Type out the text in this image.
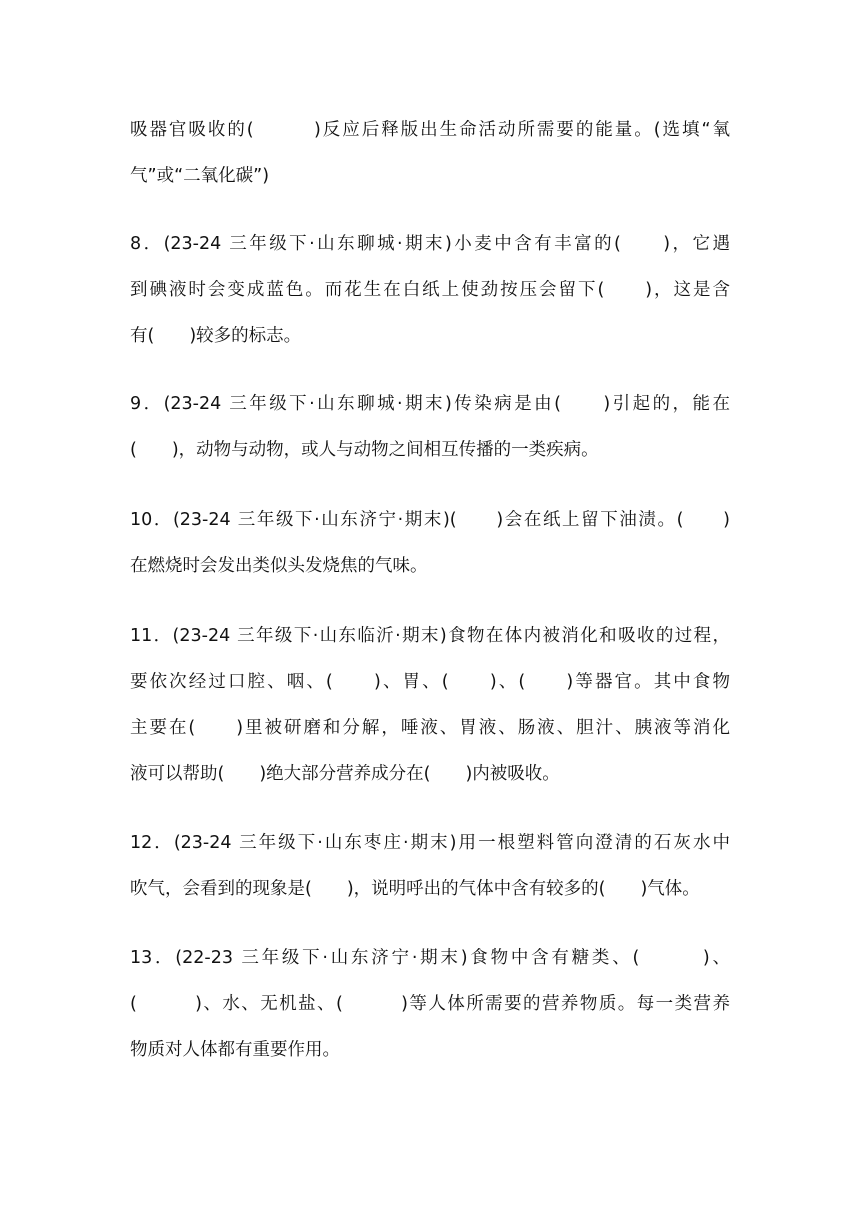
吸器官吸收的(　　　)反应后释版出生命活动所需要的能量。(选填“氧
气”或“二氧化碳”)

8．(23-24 三年级下·山东聊城·期末)小麦中含有丰富的(　　)，它遇
到碘液时会变成蓝色。而花生在白纸上使劲按压会留下(　　)，这是含
有(　　)较多的标志。

9．(23-24 三年级下·山东聊城·期末)传染病是由(　　)引起的，能在
(　　)，动物与动物，或人与动物之间相互传播的一类疾病。

10．(23-24 三年级下·山东济宁·期末)(　　)会在纸上留下油渍。(　　)
在燃烧时会发出类似头发烧焦的气味。

11．(23-24 三年级下·山东临沂·期末)食物在体内被消化和吸收的过程，
要依次经过口腔、咽、(　　)、胃、(　　)、(　　)等器官。其中食物
主要在(　　)里被研磨和分解，唾液、胃液、肠液、胆汁、胰液等消化
液可以帮助(　　)绝大部分营养成分在(　　)内被吸收。

12．(23-24 三年级下·山东枣庄·期末)用一根塑料管向澄清的石灰水中
吹气，会看到的现象是(　　)，说明呼出的气体中含有较多的(　　)气体。

13．(22-23 三年级下·山东济宁·期末)食物中含有糖类、(　　　)、
(　　　)、水、无机盐、(　　　)等人体所需要的营养物质。每一类营养
物质对人体都有重要作用。
